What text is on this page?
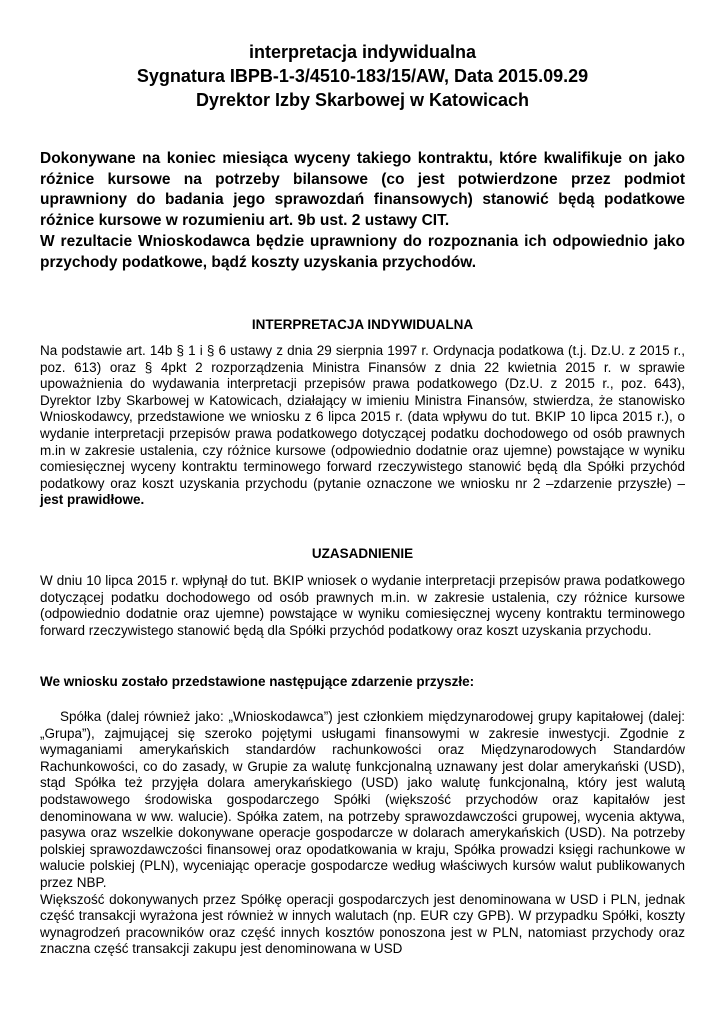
interpretacja indywidualna
Sygnatura IBPB-1-3/4510-183/15/AW, Data 2015.09.29
Dyrektor Izby Skarbowej w Katowicach

Dokonywane na koniec miesiąca wyceny takiego kontraktu, które kwalifikuje on jako różnice kursowe na potrzeby bilansowe (co jest potwierdzone przez podmiot uprawniony do badania jego sprawozdań finansowych) stanowić będą podatkowe różnice kursowe w rozumieniu art. 9b ust. 2 ustawy CIT.

W rezultacie Wnioskodawca będzie uprawniony do rozpoznania ich odpowiednio jako przychody podatkowe, bądź koszty uzyskania przychodów.

INTERPRETACJA INDYWIDUALNA

Na podstawie art. 14b § 1 i § 6 ustawy z dnia 29 sierpnia 1997 r. Ordynacja podatkowa (t.j. Dz.U. z 2015 r., poz. 613) oraz § 4pkt 2 rozporządzenia Ministra Finansów z dnia 22 kwietnia 2015 r. w sprawie upoważnienia do wydawania interpretacji przepisów prawa podatkowego (Dz.U. z 2015 r., poz. 643), Dyrektor Izby Skarbowej w Katowicach, działający w imieniu Ministra Finansów, stwierdza, że stanowisko Wnioskodawcy, przedstawione we wniosku z 6 lipca 2015 r. (data wpływu do tut. BKIP 10 lipca 2015 r.), o wydanie interpretacji przepisów prawa podatkowego dotyczącej podatku dochodowego od osób prawnych m.in w zakresie ustalenia, czy różnice kursowe (odpowiednio dodatnie oraz ujemne) powstające w wyniku comiesięcznej wyceny kontraktu terminowego forward rzeczywistego stanowić będą dla Spółki przychód podatkowy oraz koszt uzyskania przychodu (pytanie oznaczone we wniosku nr 2 –zdarzenie przyszłe) – jest prawidłowe.

UZASADNIENIE

W dniu 10 lipca 2015 r. wpłynął do tut. BKIP wniosek o wydanie interpretacji przepisów prawa podatkowego dotyczącej podatku dochodowego od osób prawnych m.in. w zakresie ustalenia, czy różnice kursowe (odpowiednio dodatnie oraz ujemne) powstające w wyniku comiesięcznej wyceny kontraktu terminowego forward rzeczywistego stanowić będą dla Spółki przychód podatkowy oraz koszt uzyskania przychodu.

We wniosku zostało przedstawione następujące zdarzenie przyszłe:

Spółka (dalej również jako: „Wnioskodawca”) jest członkiem międzynarodowej grupy kapitałowej (dalej: „Grupa”), zajmującej się szeroko pojętymi usługami finansowymi w zakresie inwestycji. Zgodnie z wymaganiami amerykańskich standardów rachunkowości oraz Międzynarodowych Standardów Rachunkowości, co do zasady, w Grupie za walutę funkcjonalną uznawany jest dolar amerykański (USD), stąd Spółka też przyjęła dolara amerykańskiego (USD) jako walutę funkcjonalną, który jest walutą podstawowego środowiska gospodarczego Spółki (większość przychodów oraz kapitałów jest denominowana w ww. walucie). Spółka zatem, na potrzeby sprawozdawczości grupowej, wycenia aktywa, pasywa oraz wszelkie dokonywane operacje gospodarcze w dolarach amerykańskich (USD). Na potrzeby polskiej sprawozdawczości finansowej oraz opodatkowania w kraju, Spółka prowadzi księgi rachunkowe w walucie polskiej (PLN), wyceniając operacje gospodarcze według właściwych kursów walut publikowanych przez NBP.

Większość dokonywanych przez Spółkę operacji gospodarczych jest denominowana w USD i PLN, jednak część transakcji wyrażona jest również w innych walutach (np. EUR czy GPB). W przypadku Spółki, koszty wynagrodzeń pracowników oraz część innych kosztów ponoszona jest w PLN, natomiast przychody oraz znaczna część transakcji zakupu jest denominowana w USD
